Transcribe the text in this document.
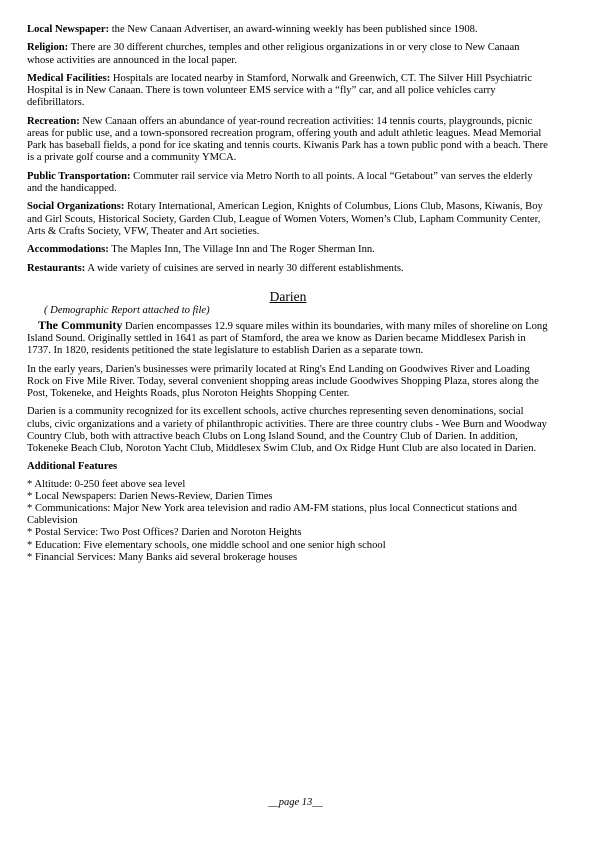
Local Newspaper: the New Canaan Advertiser, an award-winning weekly has been published since 1908.

Religion: There are 30 different churches, temples and other religious organizations in or very close to New Canaan whose activities are announced in the local paper.

Medical Facilities: Hospitals are located nearby in Stamford, Norwalk and Greenwich, CT. The Silver Hill Psychiatric Hospital is in New Canaan. There is town volunteer EMS service with a “fly” car, and all police vehicles carry defibrillators.

Recreation: New Canaan offers an abundance of year-round recreation activities: 14 tennis courts, playgrounds, picnic areas for public use, and a town-sponsored recreation program, offering youth and adult athletic leagues. Mead Memorial Park has baseball fields, a pond for ice skating and tennis courts. Kiwanis Park has a town public pond with a beach. There is a private golf course and a community YMCA.

Public Transportation: Commuter rail service via Metro North to all points. A local “Getabout” van serves the elderly and the handicapped.

Social Organizations: Rotary International, American Legion, Knights of Columbus, Lions Club, Masons, Kiwanis, Boy and Girl Scouts, Historical Society, Garden Club, League of Women Voters, Women’s Club, Lapham Community Center, Arts & Crafts Society, VFW, Theater and Art societies.

Accommodations: The Maples Inn, The Village Inn and The Roger Sherman Inn.

Restaurants: A wide variety of cuisines are served in nearly 30 different establishments.

Darien
( Demographic Report attached to file)

The Community Darien encompasses 12.9 square miles within its boundaries, with many miles of shoreline on Long Island Sound. Originally settled in 1641 as part of Stamford, the area we know as Darien became Middlesex Parish in 1737. In 1820, residents petitioned the state legislature to establish Darien as a separate town.

In the early years, Darien's businesses were primarily located at Ring's End Landing on Goodwives River and Loading Rock on Five Mile River. Today, several convenient shopping areas include Goodwives Shopping Plaza, stores along the Post, Tokeneke, and Heights Roads, plus Noroton Heights Shopping Center.

Darien is a community recognized for its excellent schools, active churches representing seven denominations, social clubs, civic organizations and a variety of philanthropic activities. There are three country clubs - Wee Burn and Woodway Country Club, both with attractive beach Clubs on Long Island Sound, and the Country Club of Darien. In addition, Tokeneke Beach Club, Noroton Yacht Club, Middlesex Swim Club, and Ox Ridge Hunt Club are also located in Darien.

Additional Features
* Altitude: 0-250 feet above sea level
* Local Newspapers: Darien News-Review, Darien Times
* Communications: Major New York area television and radio AM-FM stations, plus local Connecticut stations and Cablevision
* Postal Service: Two Post Offices? Darien and Noroton Heights
* Education: Five elementary schools, one middle school and one senior high school
* Financial Services: Many Banks aid several brokerage houses
__page 13__
